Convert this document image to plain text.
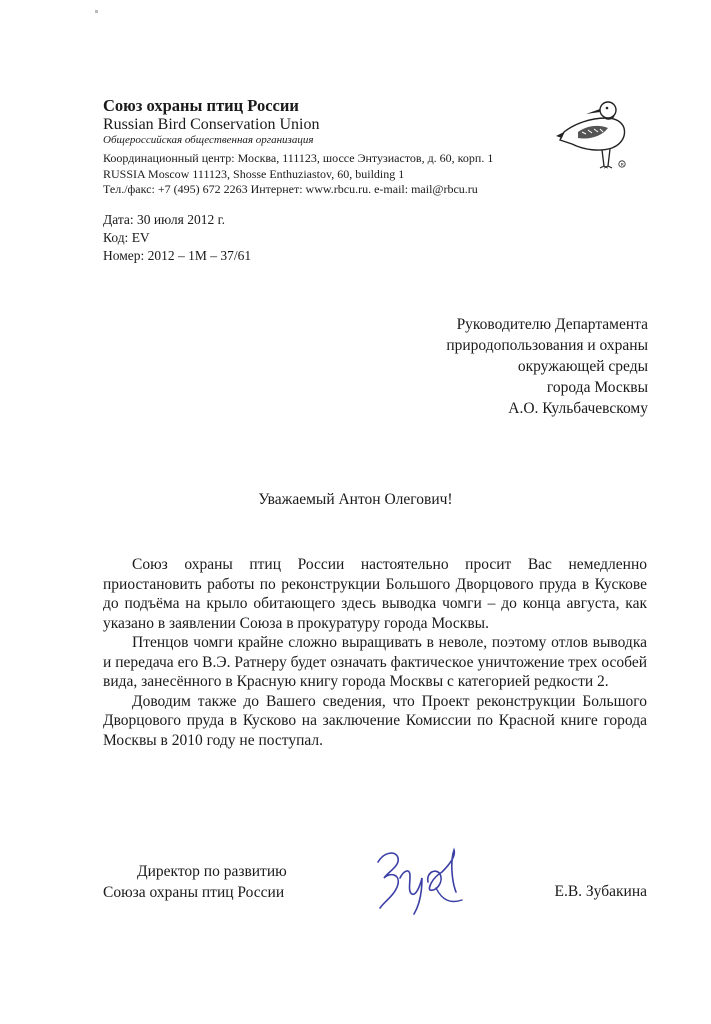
Союз охраны птиц России
Russian Bird Conservation Union
Общероссийская общественная организация
Координационный центр: Москва, 111123, шоссе Энтузиастов, д. 60, корп. 1
RUSSIA Moscow 111123, Shosse Enthuziastov, 60, building 1
Тел./факс: +7 (495) 672 2263 Интернет: www.rbcu.ru. e-mail: mail@rbcu.ru
R
Дата: 30 июля 2012 г.
Код: EV
Номер: 2012 – 1М – 37/61
Руководителю Департамента
природопользования и охраны
окружающей среды
города Москвы
А.О. Кульбачевскому
Уважаемый Антон Олегович!

Союз охраны птиц России настоятельно просит Вас немедленно приостановить работы по реконструкции Большого Дворцового пруда в Кускове до подъёма на крыло обитающего здесь выводка чомги – до конца августа, как указано в заявлении Союза в прокуратуру города Москвы.

Птенцов чомги крайне сложно выращивать в неволе, поэтому отлов выводка и передача его В.Э. Ратнеру будет означать фактическое уничтожение трех особей вида, занесённого в Красную книгу города Москвы с категорией редкости 2.

Доводим также до Вашего сведения, что Проект реконструкции Большого Дворцового пруда в Кусково на заключение Комиссии по Красной книге города Москвы в 2010 году не поступал.

Директор по развитию
Союза охраны птиц России	Е.В. Зубакина
